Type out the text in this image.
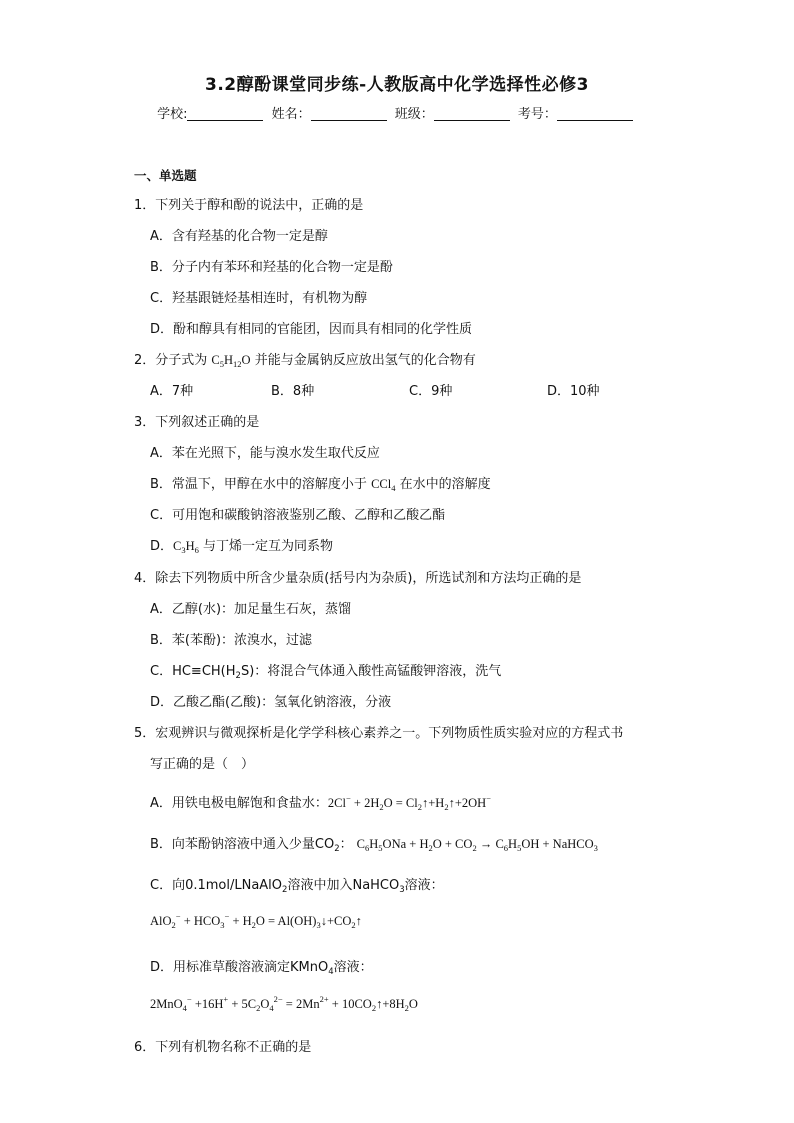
3.2醇酚课堂同步练-人教版高中化学选择性必修3
学校:	姓名：	班级：	考号：
一、单选题
1．下列关于醇和酚的说法中，正确的是
A．含有羟基的化合物一定是醇
B．分子内有苯环和羟基的化合物一定是酚
C．羟基跟链烃基相连时，有机物为醇
D．酚和醇具有相同的官能团，因而具有相同的化学性质
2．分子式为 $C_5H_{12}O$ 并能与金属钠反应放出氢气的化合物有
A．7种	B．8种	C．9种	D．10种
3．下列叙述正确的是
A．苯在光照下，能与溴水发生取代反应
B．常温下，甲醇在水中的溶解度小于 CCl$_4$ 在水中的溶解度
C．可用饱和碳酸钠溶液鉴别乙酸、乙醇和乙酸乙酯
D．$C_3H_6$ 与丁烯一定互为同系物
4．除去下列物质中所含少量杂质(括号内为杂质)，所选试剂和方法均正确的是
A．乙醇(水)：加足量生石灰，蒸馏
B．苯(苯酚)：浓溴水，过滤
C．$HC\equiv CH(H_2S)$：将混合气体通入酸性高锰酸钾溶液，洗气
D．乙酸乙酯(乙酸)：氢氧化钠溶液，分液
5．宏观辨识与微观探析是化学学科核心素养之一。下列物质性质实验对应的方程式书
写正确的是（　）
A．用铁电极电解饱和食盐水：$2Cl^- + 2H_2O$ = $Cl_2↑+H_2↑+2OH^-$
B．向苯酚钠溶液中通入少量$CO_2$： $C_6H_5ONa + H_2O + CO_2 \to C_6H_5OH$ + NaHCO$_3$
C．向0.1mol/LNaAlO$_2$溶液中加入NaHCO$_3$溶液：
$AlO_2^- + HCO_3^- + H_2O$ = $Al(OH)_3↓+CO_2↑$
D．用标准草酸溶液滴定KMnO$_4$溶液：
$2MnO_4^- +16H^+ + 5C_2O_4^{2-} = 2Mn^{2+}$ + $10CO_2↑+8H_2O$
6．下列有机物名称不正确的是
